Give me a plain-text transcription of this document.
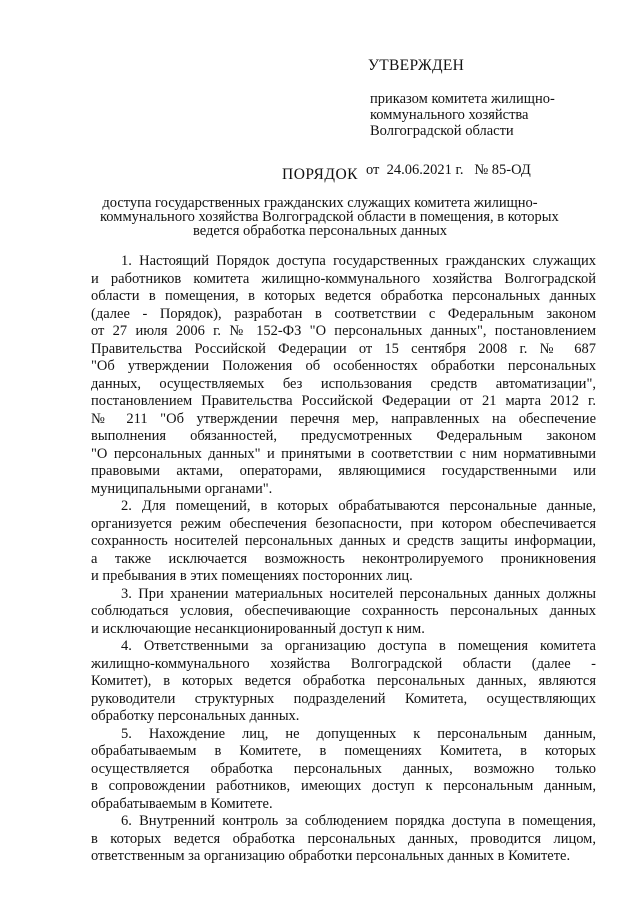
УТВЕРЖДЕН
приказом комитета жилищно-
коммунального хозяйства
Волгоградской области
от  24.06.2021 г.   № 85-ОД
ПОРЯДОК
доступа государственных гражданских служащих комитета жилищно-
коммунального хозяйства Волгоградской области в помещения, в которых
ведется обработка персональных данных
1. Настоящий Порядок доступа государственных гражданских служащих
и работников комитета жилищно-коммунального хозяйства Волгоградской
области в помещения, в которых ведется обработка персональных данных
(далее - Порядок), разработан в соответствии с Федеральным законом
от 27 июля 2006 г. № 152-ФЗ "О персональных данных", постановлением
Правительства Российской Федерации от 15 сентября 2008 г. № 687
"Об утверждении Положения об особенностях обработки персональных
данных, осуществляемых без использования средств автоматизации",
постановлением Правительства Российской Федерации от 21 марта 2012 г.
№ 211 "Об утверждении перечня мер, направленных на обеспечение
выполнения обязанностей, предусмотренных Федеральным законом
"О персональных данных" и принятыми в соответствии с ним нормативными
правовыми актами, операторами, являющимися государственными или
муниципальными органами".
2. Для помещений, в которых обрабатываются персональные данные,
организуется режим обеспечения безопасности, при котором обеспечивается
сохранность носителей персональных данных и средств защиты информации,
а также исключается возможность неконтролируемого проникновения
и пребывания в этих помещениях посторонних лиц.
3. При хранении материальных носителей персональных данных должны
соблюдаться условия, обеспечивающие сохранность персональных данных
и исключающие несанкционированный доступ к ним.
4. Ответственными за организацию доступа в помещения комитета
жилищно-коммунального хозяйства Волгоградской области (далее -
Комитет), в которых ведется обработка персональных данных, являются
руководители структурных подразделений Комитета, осуществляющих
обработку персональных данных.
5. Нахождение лиц, не допущенных к персональным данным,
обрабатываемым в Комитете, в помещениях Комитета, в которых
осуществляется обработка персональных данных, возможно только
в сопровождении работников, имеющих доступ к персональным данным,
обрабатываемым в Комитете.
6. Внутренний контроль за соблюдением порядка доступа в помещения,
в которых ведется обработка персональных данных, проводится лицом,
ответственным за организацию обработки персональных данных в Комитете.
